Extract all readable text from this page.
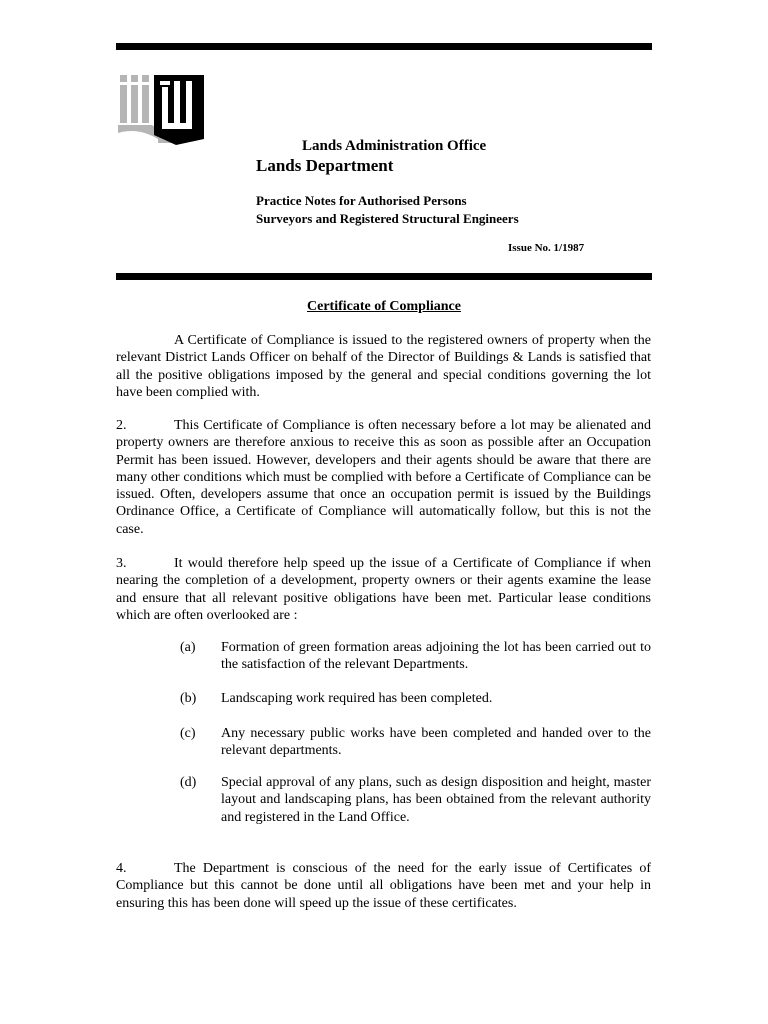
Lands Administration Office
Lands Department
Practice Notes for Authorised Persons
Surveyors and Registered Structural Engineers
Issue No. 1/1987
Certificate of Compliance

A Certificate of Compliance is issued to the registered owners of property when the relevant District Lands Officer on behalf of the Director of Buildings & Lands is satisfied that all the positive obligations imposed by the general and special conditions governing the lot have been complied with.

2.	This Certificate of Compliance is often necessary before a lot may be alienated and property owners are therefore anxious to receive this as soon as possible after an Occupation Permit has been issued. However, developers and their agents should be aware that there are many other conditions which must be complied with before a Certificate of Compliance can be issued. Often, developers assume that once an occupation permit is issued by the Buildings Ordinance Office, a Certificate of Compliance will automatically follow, but this is not the case.

3.	It would therefore help speed up the issue of a Certificate of Compliance if when nearing the completion of a development, property owners or their agents examine the lease and ensure that all relevant positive obligations have been met. Particular lease conditions which are often overlooked are :

(a) Formation of green formation areas adjoining the lot has been carried out to the satisfaction of the relevant Departments.
(b) Landscaping work required has been completed.
(c) Any necessary public works have been completed and handed over to the relevant departments.
(d) Special approval of any plans, such as design disposition and height, master layout and landscaping plans, has been obtained from the relevant authority and registered in the Land Office.

4.	The Department is conscious of the need for the early issue of Certificates of Compliance but this cannot be done until all obligations have been met and your help in ensuring this has been done will speed up the issue of these certificates.
